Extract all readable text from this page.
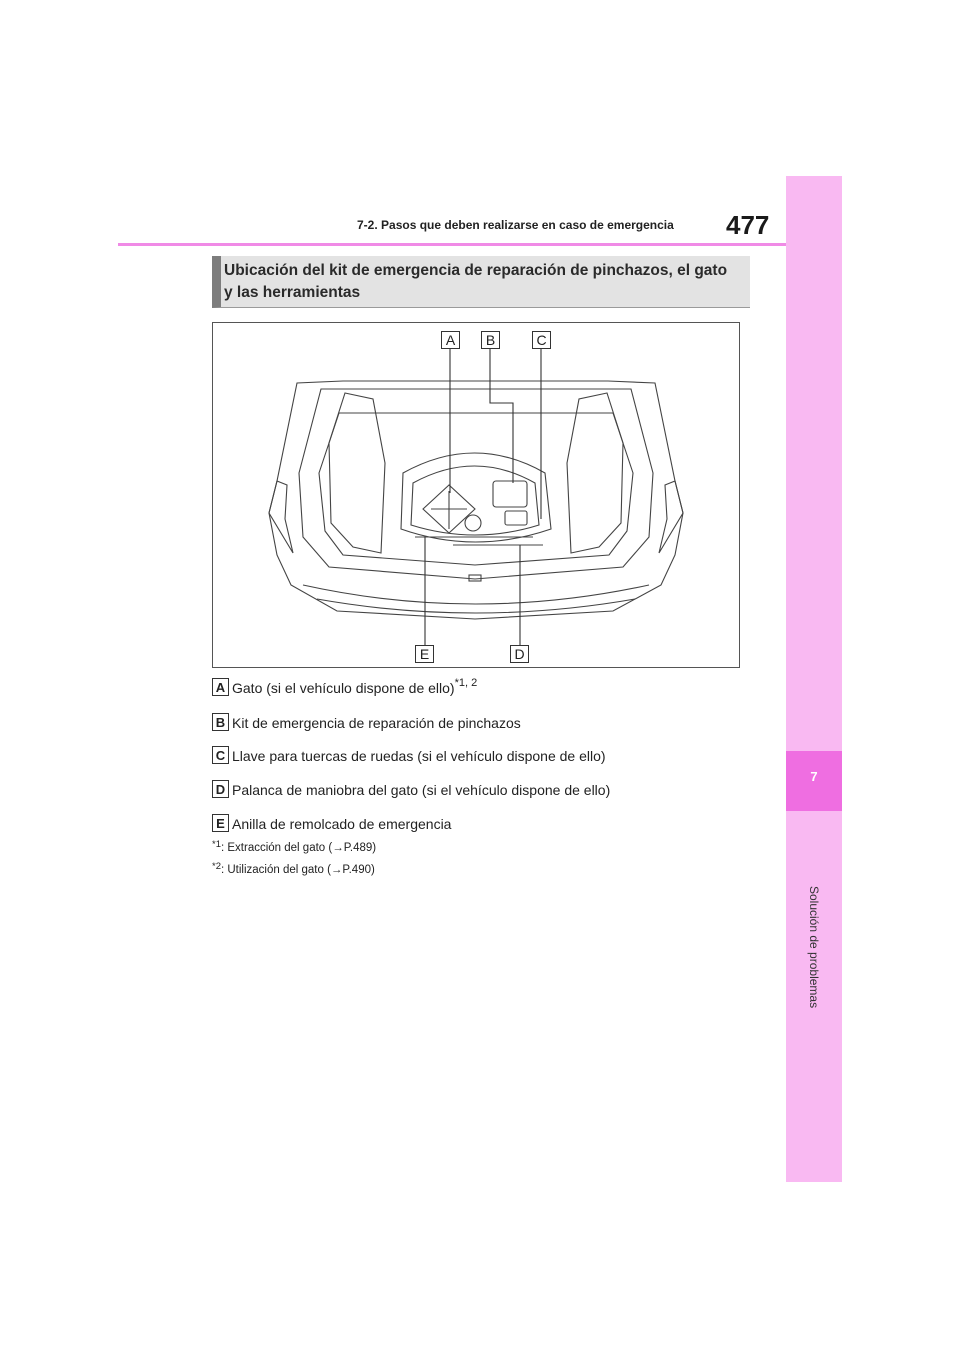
7
Solución de problemas
7-2. Pasos que deben realizarse en caso de emergencia 477
Ubicación del kit de emergencia de reparación de pinchazos, el gato
y las herramientas
A	B	C
E	D
A Gato (si el vehículo dispone de ello)$^{*1, 2}$
B Kit de emergencia de reparación de pinchazos
C Llave para tuercas de ruedas (si el vehículo dispone de ello)
D Palanca de maniobra del gato (si el vehículo dispone de ello)
E Anilla de remolcado de emergencia
$^{*1}$: Extracción del gato (→P.489)
$^{*2}$: Utilización del gato (→P.490)
